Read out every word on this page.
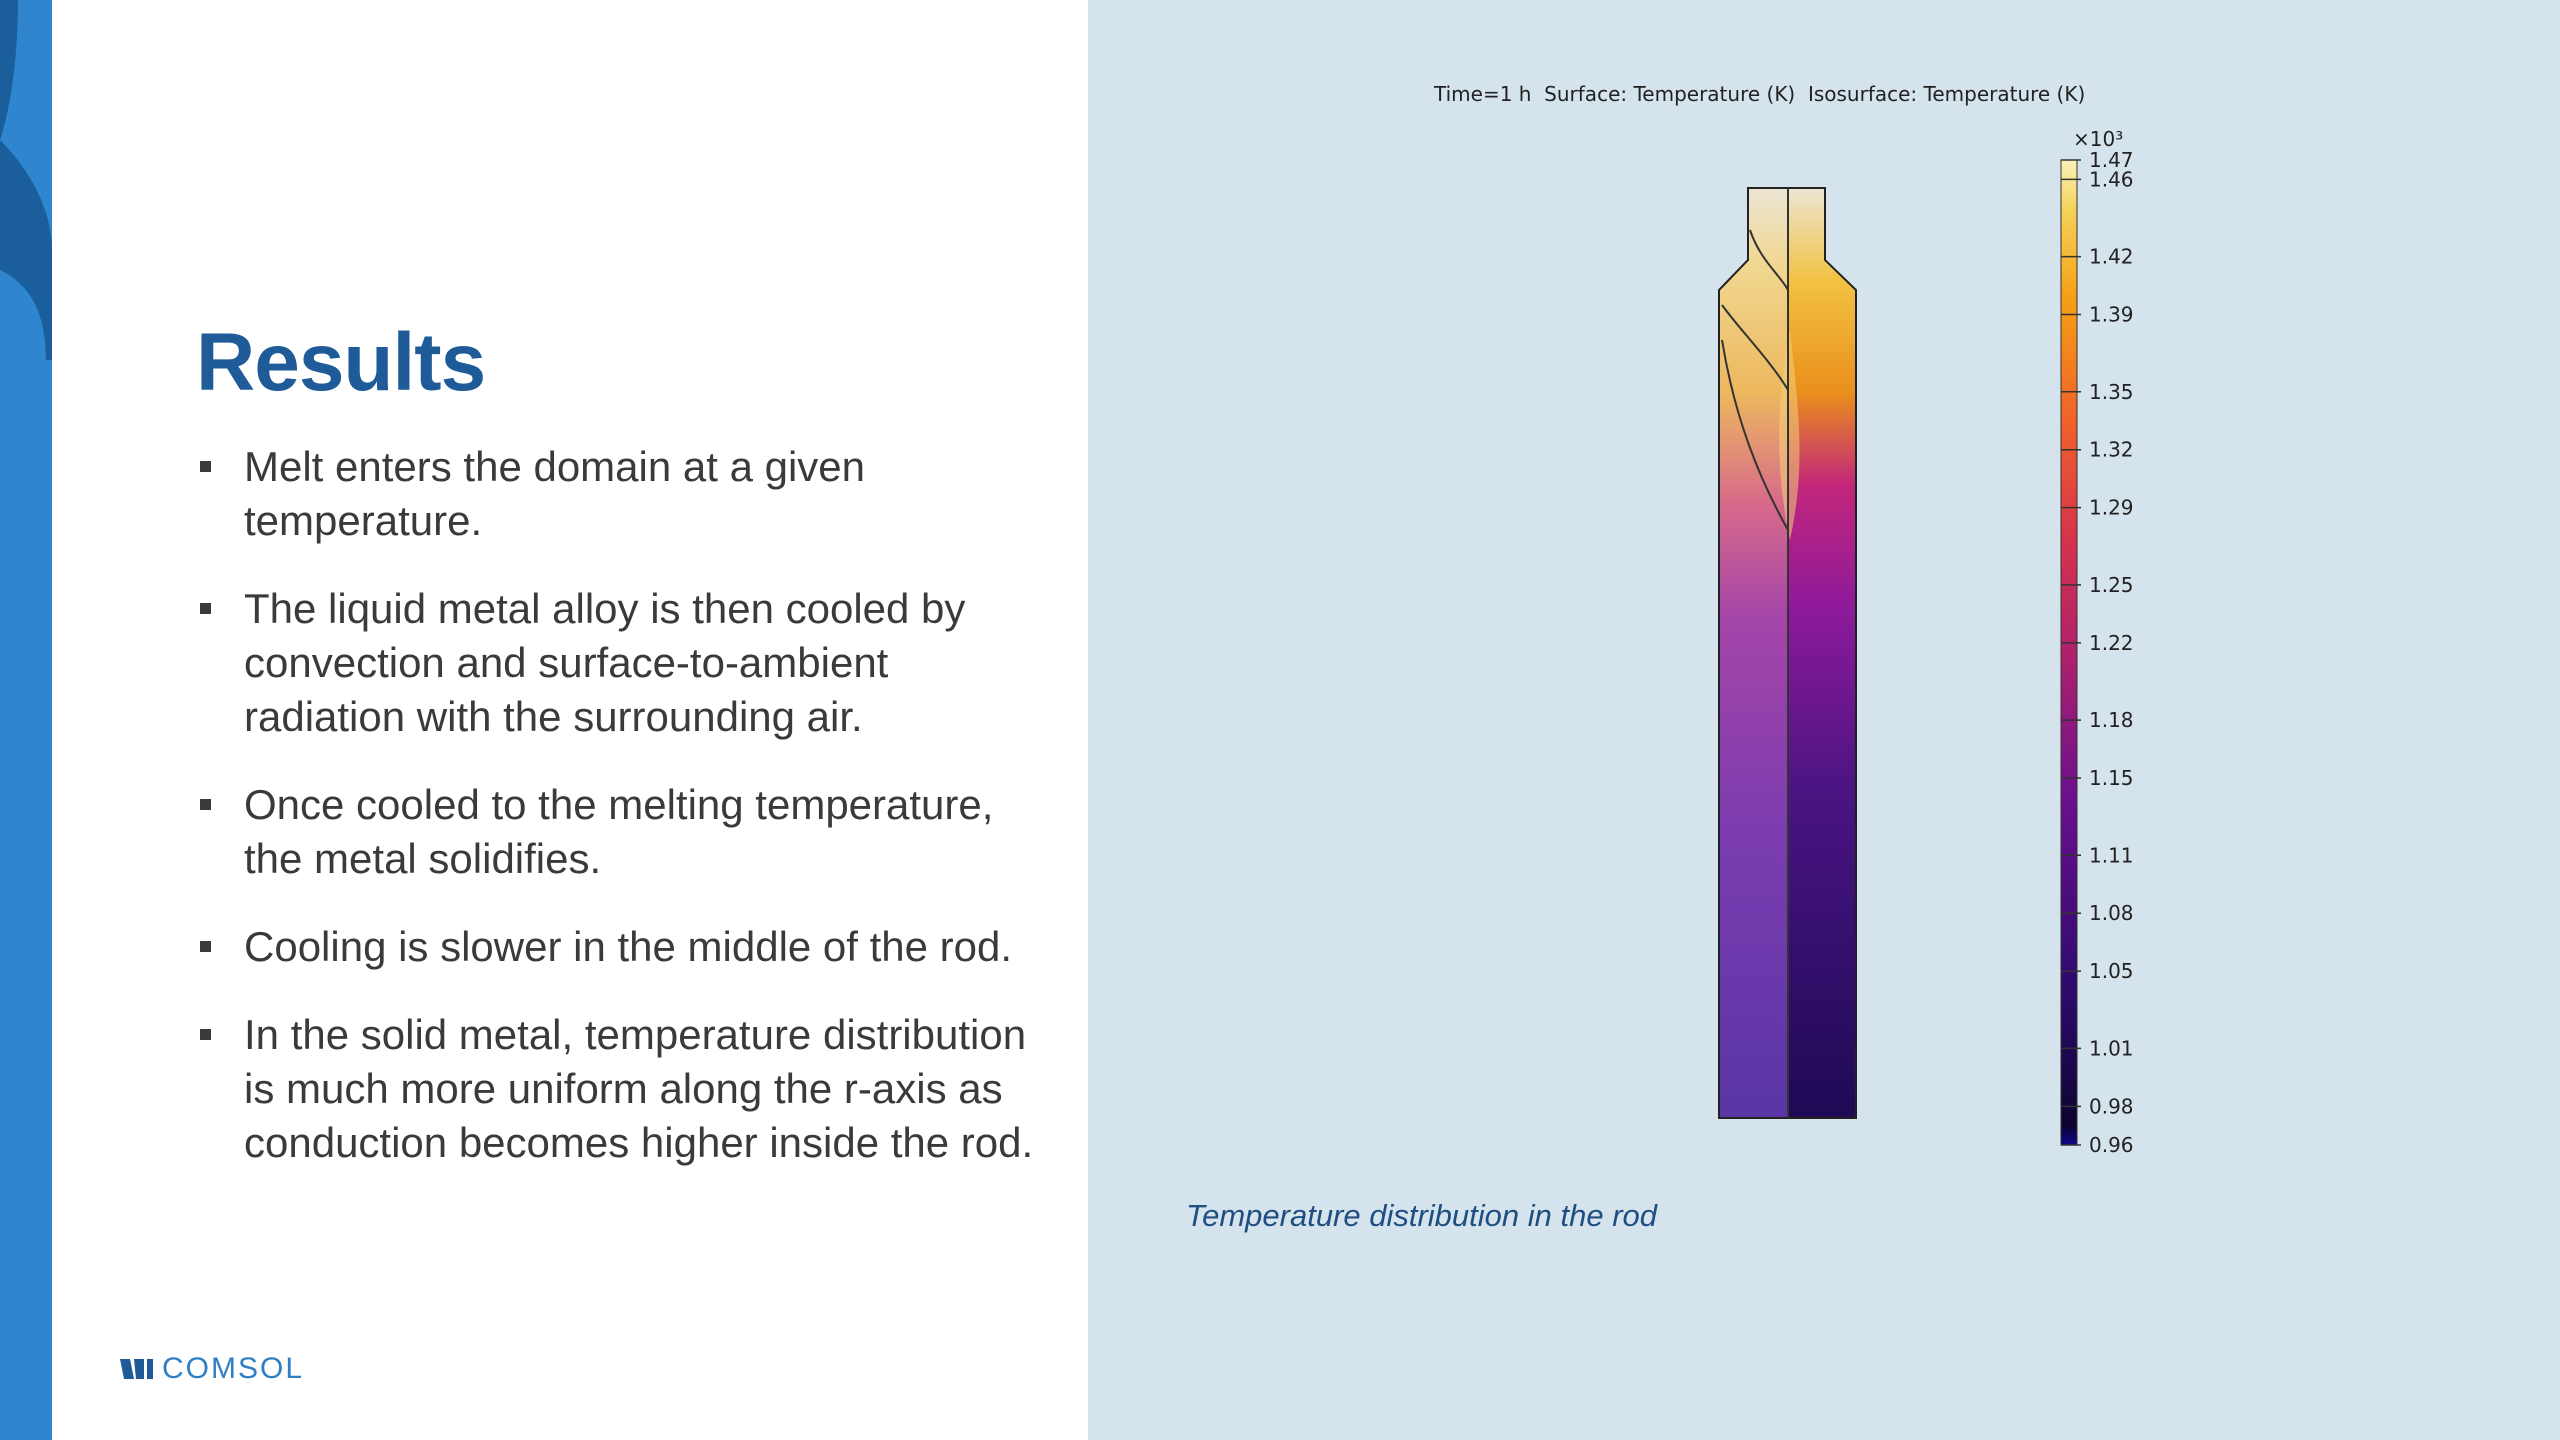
Results
Melt enters the domain at a given temperature.
The liquid metal alloy is then cooled by convection and surface-to-ambient radiation with the surrounding air.
Once cooled to the melting temperature, the metal solidifies.
Cooling is slower in the middle of the rod.
In the solid metal, temperature distribution is much more uniform along the r-axis as conduction becomes higher inside the rod.
COMSOL
×10³
1.47
1.46
1.42
1.39
1.35
1.32
1.29
1.25
1.22
1.18
1.15
1.11
1.08
1.05
1.01
0.98
0.96
Time=1 h  Surface: Temperature (K)  Isosurface: Temperature (K)
Temperature distribution in the rod
